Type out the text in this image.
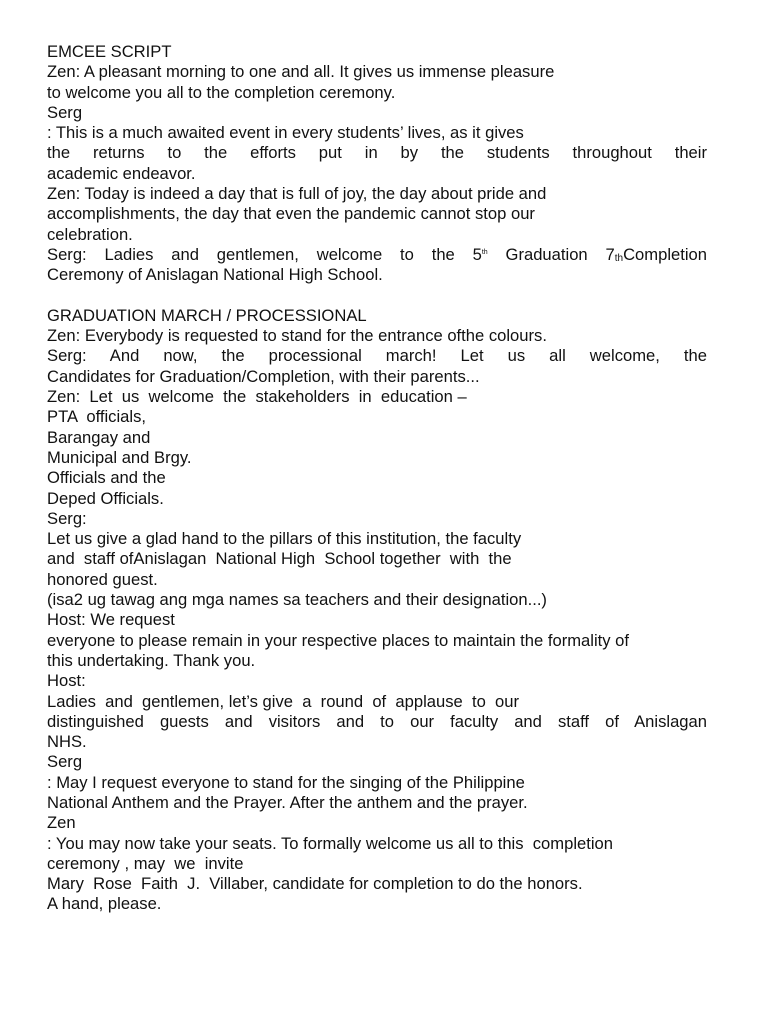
EMCEE SCRIPT
Zen: A pleasant morning to one and all. It gives us immense pleasure
to welcome you all to the completion ceremony.
Serg
: This is a much awaited event in every students’ lives, as it gives
the returns to the efforts put in by the students throughout their
academic endeavor.
Zen: Today is indeed a day that is full of joy, the day about pride and
accomplishments, the day that even the pandemic cannot stop our
celebration.
Serg: Ladies and gentlemen, welcome to the 5th Graduation $7_{th}Completion$
Ceremony of Anislagan National High School.
GRADUATION MARCH / PROCESSIONAL
Zen: Everybody is requested to stand for the entrance ofthe colours.
Serg: And now, the processional march! Let us all welcome, the
Candidates for Graduation/Completion, with their parents...
Zen:  Let  us  welcome  the  stakeholders  in  education –
PTA  officials,
Barangay and
Municipal and Brgy.
Officials and the
Deped Officials.
Serg:
Let us give a glad hand to the pillars of this institution, the faculty
and  staff ofAnislagan  National High  School together  with  the
honored guest.
(isa2 ug tawag ang mga names sa teachers and their designation...)
Host: We request
everyone to please remain in your respective places to maintain the formality of
this undertaking. Thank you.
Host:
Ladies  and  gentlemen, let’s give  a  round  of  applause  to  our
distinguished guests and visitors and to our faculty and staff of Anislagan
NHS.
Serg
: May I request everyone to stand for the singing of the Philippine
National Anthem and the Prayer. After the anthem and the prayer.
Zen
: You may now take your seats. To formally welcome us all to this  completion
ceremony , may  we  invite
Mary  Rose  Faith  J.  Villaber, candidate for completion to do the honors.
A hand, please.
